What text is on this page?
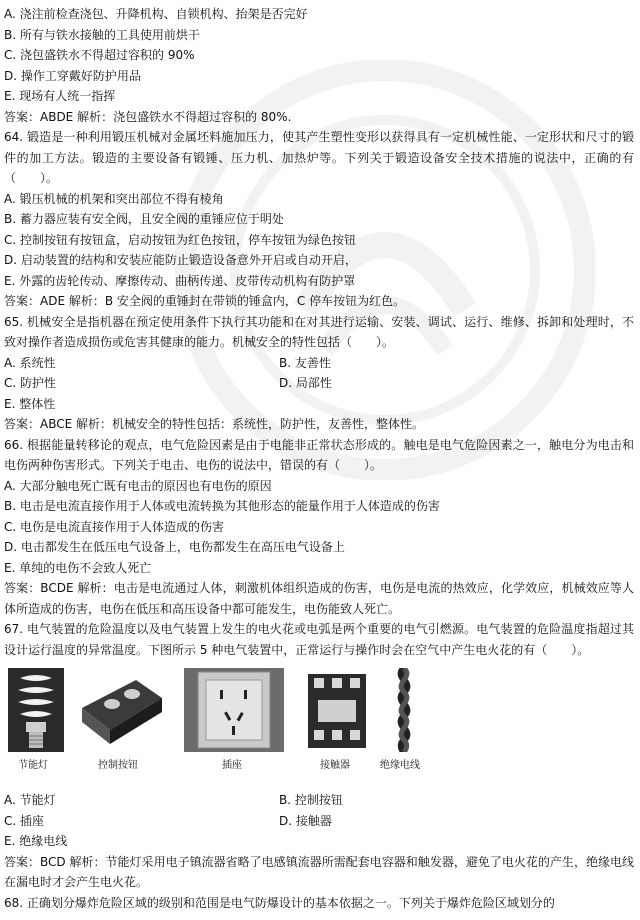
A. 浇注前检查浇包、升降机构、自锁机构、抬架是否完好
B. 所有与铁水接触的工具使用前烘干
C. 浇包盛铁水不得超过容积的 90%
D. 操作工穿戴好防护用品
E. 现场有人统一指挥
答案：ABDE 解析：浇包盛铁水不得超过容积的 80%.
64. 锻造是一种利用锻压机械对金属坯料施加压力，使其产生塑性变形以获得具有一定机械性能、一定形状和尺寸的锻件的加工方法。锻造的主要设备有锻锤、压力机、加热炉等。下列关于锻造设备安全技术措施的说法中，正确的有（　　）。
A. 锻压机械的机架和突出部位不得有棱角
B. 蓄力器应装有安全阀，且安全阀的重锤应位于明处
C. 控制按钮有按钮盒，启动按钮为红色按钮，停车按钮为绿色按钮
D. 启动装置的结构和安装应能防止锻造设备意外开启或自动开启，
E. 外露的齿轮传动、摩擦传动、曲柄传递、皮带传动机构有防护罩
答案：ADE 解析：B 安全阀的重锤封在带锁的锤盒内，C 停车按钮为红色。
65. 机械安全是指机器在预定使用条件下执行其功能和在对其进行运输、安装、调试、运行、维修、拆卸和处理时，不致对操作者造成损伤或危害其健康的能力。机械安全的特性包括（　　）。
A. 系统性	B. 友善性
C. 防护性	D. 局部性
E. 整体性
答案：ABCE 解析：机械安全的特性包括：系统性，防护性，友善性，整体性。
66. 根据能量转移论的观点，电气危险因素是由于电能非正常状态形成的。触电是电气危险因素之一，触电分为电击和电伤两种伤害形式。下列关于电击、电伤的说法中，错误的有（　　）。
A. 大部分触电死亡既有电击的原因也有电伤的原因
B. 电击是电流直接作用于人体或电流转换为其他形态的能量作用于人体造成的伤害
C. 电伤是电流直接作用于人体造成的伤害
D. 电击都发生在低压电气设备上，电伤都发生在高压电气设备上
E. 单纯的电伤不会致人死亡
答案：BCDE 解析：电击是电流通过人体，刺激机体组织造成的伤害，电伤是电流的热效应，化学效应，机械效应等人体所造成的伤害，电伤在低压和高压设备中都可能发生，电伤能致人死亡。
67. 电气装置的危险温度以及电气装置上发生的电火花或电弧是两个重要的电气引燃源。电气装置的危险温度指超过其设计运行温度的异常温度。下图所示 5 种电气装置中，正常运行与操作时会在空气中产生电火花的有（　　）。
节能灯	控制按钮	插座	接触器	绝缘电线
A. 节能灯	B. 控制按钮
C. 插座	D. 接触器
E. 绝缘电线
答案：BCD 解析：节能灯采用电子镇流器省略了电感镇流器所需配套电容器和触发器，避免了电火花的产生，绝缘电线在漏电时才会产生电火花。
68. 正确划分爆炸危险区域的级别和范围是电气防爆设计的基本依据之一。下列关于爆炸危险区域划分的
